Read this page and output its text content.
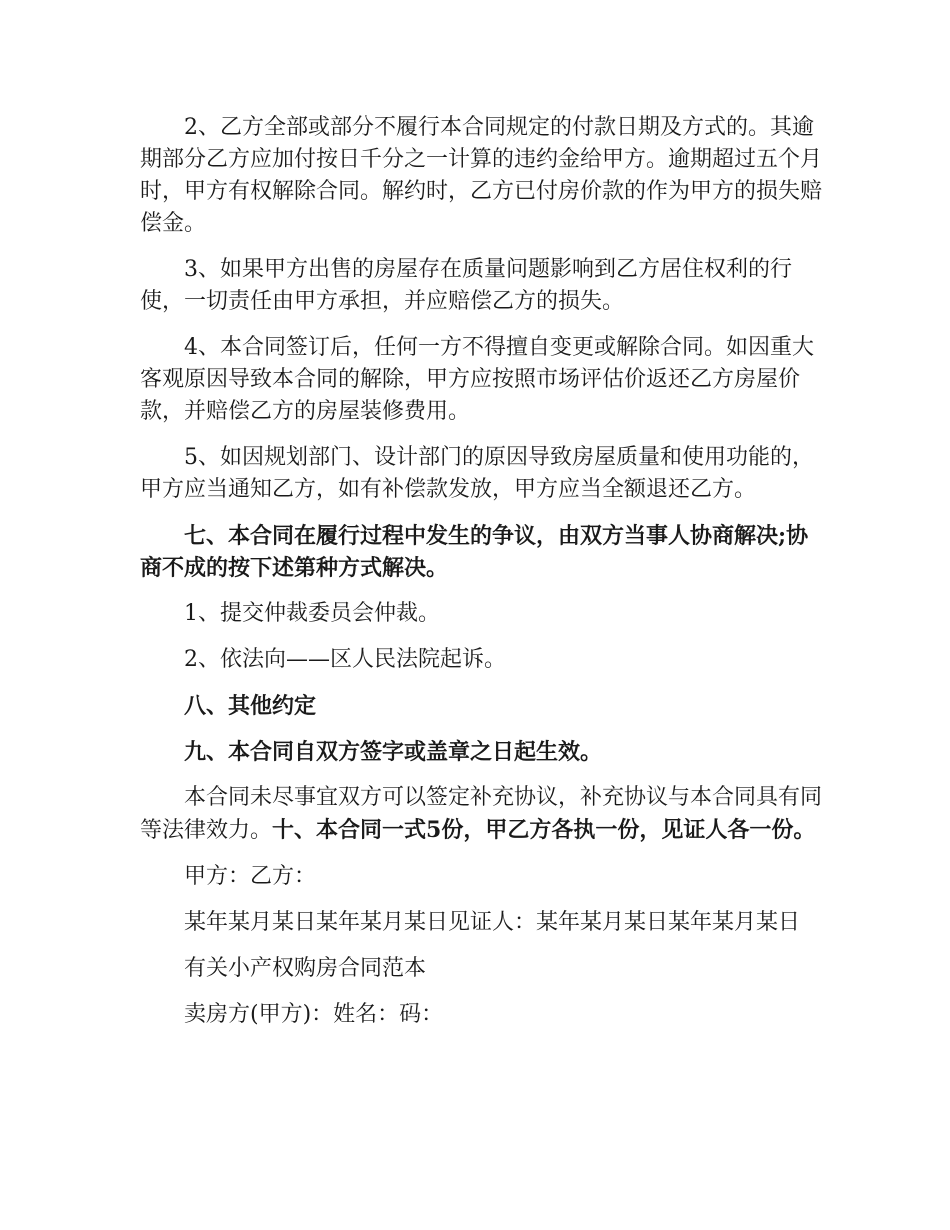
2、乙方全部或部分不履行本合同规定的付款日期及方式的。其逾期部分乙方应加付按日千分之一计算的违约金给甲方。逾期超过五个月时，甲方有权解除合同。解约时，乙方已付房价款的作为甲方的损失赔偿金。

3、如果甲方出售的房屋存在质量问题影响到乙方居住权利的行使，一切责任由甲方承担，并应赔偿乙方的损失。

4、本合同签订后，任何一方不得擅自变更或解除合同。如因重大客观原因导致本合同的解除，甲方应按照市场评估价返还乙方房屋价款，并赔偿乙方的房屋装修费用。

5、如因规划部门、设计部门的原因导致房屋质量和使用功能的，甲方应当通知乙方，如有补偿款发放，甲方应当全额退还乙方。

七、本合同在履行过程中发生的争议，由双方当事人协商解决;协商不成的按下述第种方式解决。

1、提交仲裁委员会仲裁。

2、依法向——区人民法院起诉。

八、其他约定

九、本合同自双方签字或盖章之日起生效。

本合同未尽事宜双方可以签定补充协议，补充协议与本合同具有同等法律效力。十、本合同一式5份，甲乙方各执一份，见证人各一份。

甲方：乙方：

某年某月某日某年某月某日见证人：某年某月某日某年某月某日

有关小产权购房合同范本

卖房方(甲方)：姓名：码：
